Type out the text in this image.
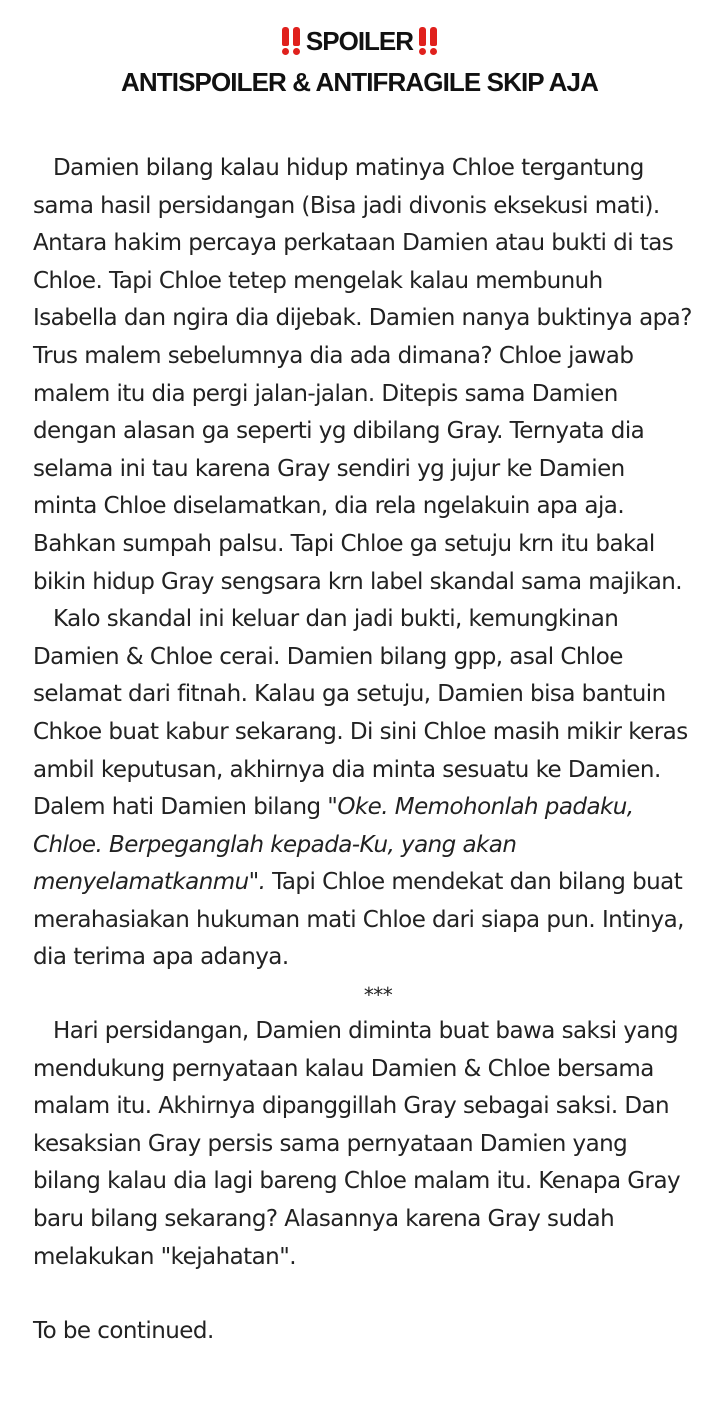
SPOILER
ANTISPOILER & ANTIFRAGILE SKIP AJA

Damien bilang kalau hidup matinya Chloe tergantung sama hasil persidangan (Bisa jadi divonis eksekusi mati). Antara hakim percaya perkataan Damien atau bukti di tas Chloe. Tapi Chloe tetep mengelak kalau membunuh Isabella dan ngira dia dijebak. Damien nanya buktinya apa? Trus malem sebelumnya dia ada dimana? Chloe jawab malem itu dia pergi jalan-jalan. Ditepis sama Damien dengan alasan ga seperti yg dibilang Gray. Ternyata dia selama ini tau karena Gray sendiri yg jujur ke Damien minta Chloe diselamatkan, dia rela ngelakuin apa aja. Bahkan sumpah palsu. Tapi Chloe ga setuju krn itu bakal bikin hidup Gray sengsara krn label skandal sama majikan.

Kalo skandal ini keluar dan jadi bukti, kemungkinan Damien & Chloe cerai. Damien bilang gpp, asal Chloe selamat dari fitnah. Kalau ga setuju, Damien bisa bantuin Chkoe buat kabur sekarang. Di sini Chloe masih mikir keras ambil keputusan, akhirnya dia minta sesuatu ke Damien. Dalem hati Damien bilang "Oke. Memohonlah padaku, Chloe. Berpeganglah kepada-Ku, yang akan menyelamatkanmu". Tapi Chloe mendekat dan bilang buat merahasiakan hukuman mati Chloe dari siapa pun. Intinya, dia terima apa adanya.

***

Hari persidangan, Damien diminta buat bawa saksi yang mendukung pernyataan kalau Damien & Chloe bersama malam itu. Akhirnya dipanggillah Gray sebagai saksi. Dan kesaksian Gray persis sama pernyataan Damien yang bilang kalau dia lagi bareng Chloe malam itu. Kenapa Gray baru bilang sekarang? Alasannya karena Gray sudah melakukan "kejahatan".

To be continued.
